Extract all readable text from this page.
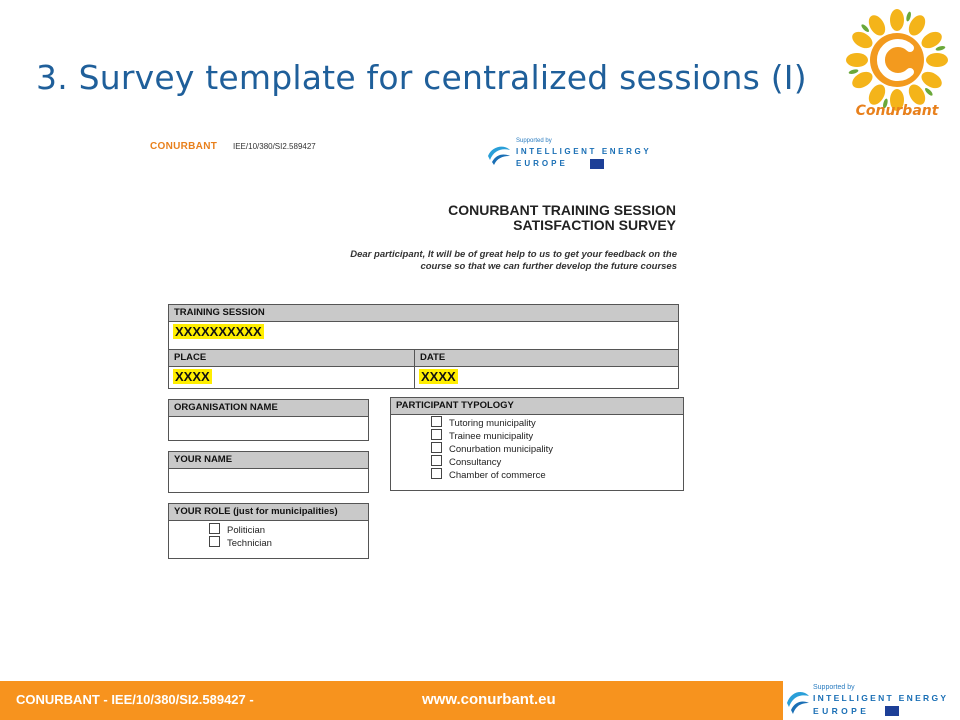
3. Survey template for centralized sessions (I)
Conurbant
CONURBANT IEE/10/380/SI2.589427
Supported by
INTELLIGENT ENERGY
EUROPE
CONURBANT TRAINING SESSION
SATISFACTION SURVEY
Dear participant, It will be of great help to us to get your feedback on the
course so that we can further develop the future courses
TRAINING SESSION
XXXXXXXXXX
PLACE
XXXX
DATE
XXXX
ORGANISATION NAME
YOUR NAME
YOUR ROLE (just for municipalities)
Politician
Technician
PARTICIPANT TYPOLOGY
Tutoring municipality
Trainee municipality
Conurbation municipality
Consultancy
Chamber of commerce
CONURBANT - IEE/10/380/SI2.589427 -	www.conurbant.eu
Supported by
INTELLIGENT ENERGY
EUROPE
